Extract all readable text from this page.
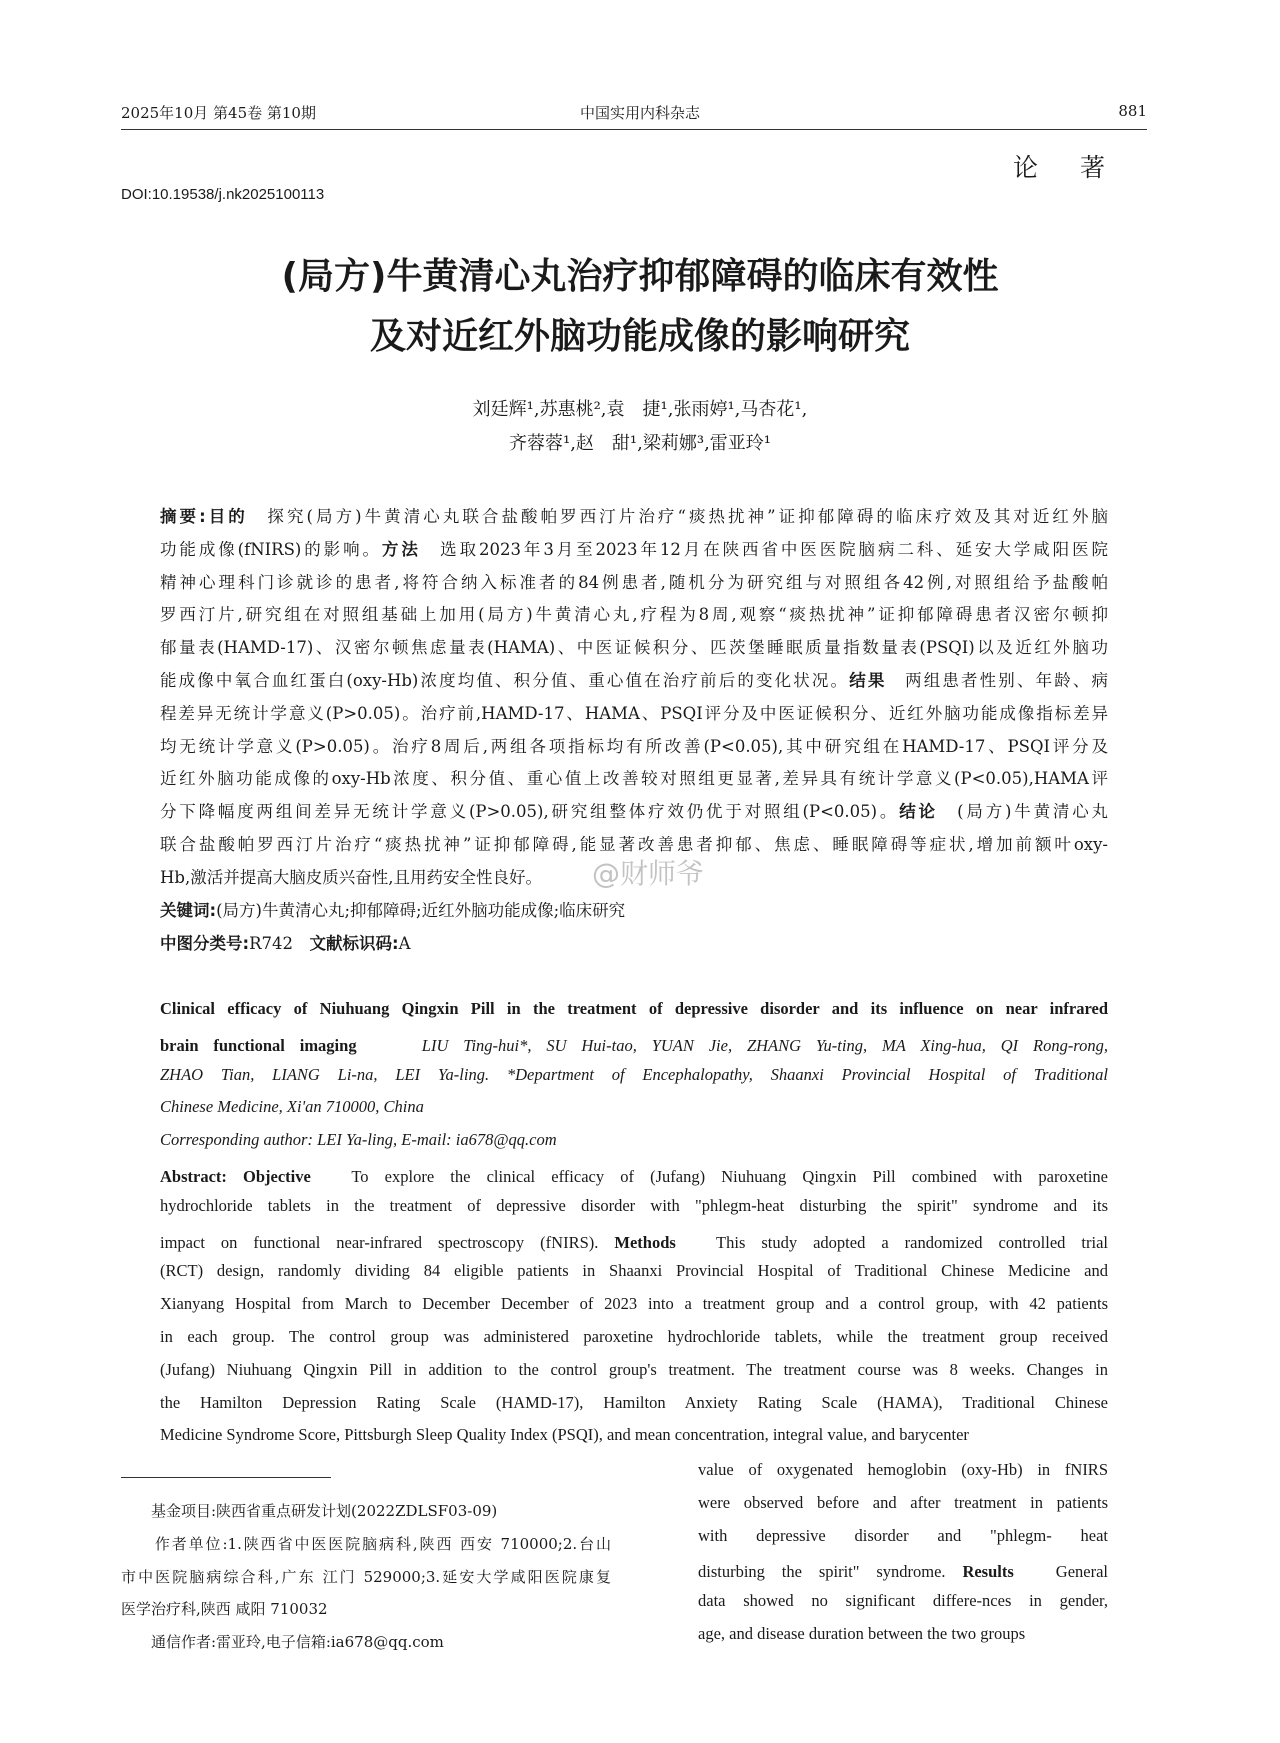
2025年10月 第45卷 第10期	中国实用内科杂志	881
论著
DOI:10.19538/j.nk2025100113
(局方)牛黄清心丸治疗抑郁障碍的临床有效性
及对近红外脑功能成像的影响研究
刘廷辉¹,苏惠桃²,袁　捷¹,张雨婷¹,马杏花¹,
齐蓉蓉¹,赵　甜¹,梁莉娜³,雷亚玲¹
摘要:目的　探究(局方)牛黄清心丸联合盐酸帕罗西汀片治疗“痰热扰神”证抑郁障碍的临床疗效及其对近红外脑
功能成像(fNIRS)的影响。方法　选取2023年3月至2023年12月在陕西省中医医院脑病二科、延安大学咸阳医院
精神心理科门诊就诊的患者,将符合纳入标准者的84例患者,随机分为研究组与对照组各42例,对照组给予盐酸帕
罗西汀片,研究组在对照组基础上加用(局方)牛黄清心丸,疗程为8周,观察“痰热扰神”证抑郁障碍患者汉密尔顿抑
郁量表(HAMD-17)、汉密尔顿焦虑量表(HAMA)、中医证候积分、匹茨堡睡眠质量指数量表(PSQI)以及近红外脑功
能成像中氧合血红蛋白(oxy-Hb)浓度均值、积分值、重心值在治疗前后的变化状况。结果　两组患者性别、年龄、病
程差异无统计学意义(P>0.05)。治疗前,HAMD-17、HAMA、PSQI评分及中医证候积分、近红外脑功能成像指标差异
均无统计学意义(P>0.05)。治疗8周后,两组各项指标均有所改善(P<0.05),其中研究组在HAMD-17、PSQI评分及
近红外脑功能成像的oxy-Hb浓度、积分值、重心值上改善较对照组更显著,差异具有统计学意义(P<0.05),HAMA评
分下降幅度两组间差异无统计学意义(P>0.05),研究组整体疗效仍优于对照组(P<0.05)。结论　(局方)牛黄清心丸
联合盐酸帕罗西汀片治疗“痰热扰神”证抑郁障碍,能显著改善患者抑郁、焦虑、睡眠障碍等症状,增加前额叶oxy-
Hb,激活并提高大脑皮质兴奋性,且用药安全性良好。
关键词:(局方)牛黄清心丸;抑郁障碍;近红外脑功能成像;临床研究
中图分类号:R742　文献标识码:A
@财师爷
Clinical efficacy of Niuhuang Qingxin Pill in the treatment of depressive disorder and its influence on near infrared
brain functional imaging　　LIU Ting-hui*, SU Hui-tao, YUAN Jie, ZHANG Yu-ting, MA Xing-hua, QI Rong-rong,
ZHAO Tian, LIANG Li-na, LEI Ya-ling. *Department of Encephalopathy, Shaanxi Provincial Hospital of Traditional
Chinese Medicine, Xi'an 710000, China
Corresponding author: LEI Ya-ling, E-mail: ia678@qq.com
Abstract: Objective　To explore the clinical efficacy of (Jufang) Niuhuang Qingxin Pill combined with paroxetine
hydrochloride tablets in the treatment of depressive disorder with "phlegm-heat disturbing the spirit" syndrome and its
impact on functional near-infrared spectroscopy (fNIRS). Methods　This study adopted a randomized controlled trial
(RCT) design, randomly dividing 84 eligible patients in Shaanxi Provincial Hospital of Traditional Chinese Medicine and
Xianyang Hospital from March to December December of 2023 into a treatment group and a control group, with 42 patients
in each group. The control group was administered paroxetine hydrochloride tablets, while the treatment group received
(Jufang) Niuhuang Qingxin Pill in addition to the control group's treatment. The treatment course was 8 weeks. Changes in
the Hamilton Depression Rating Scale (HAMD-17), Hamilton Anxiety Rating Scale (HAMA), Traditional Chinese
Medicine Syndrome Score, Pittsburgh Sleep Quality Index (PSQI), and mean concentration, integral value, and barycenter
value of oxygenated hemoglobin (oxy-Hb) in fNIRS
were observed before and after treatment in patients
with depressive disorder and "phlegm- heat
disturbing the spirit" syndrome. Results　General
data showed no significant differe-nces in gender,
age, and disease duration between the two groups
　　基金项目:陕西省重点研发计划(2022ZDLSF03-09)
　　作者单位:1.陕西省中医医院脑病科,陕西 西安 710000;2.台山
市中医院脑病综合科,广东 江门 529000;3.延安大学咸阳医院康复
医学治疗科,陕西 咸阳 710032
　　通信作者:雷亚玲,电子信箱:ia678@qq.com
